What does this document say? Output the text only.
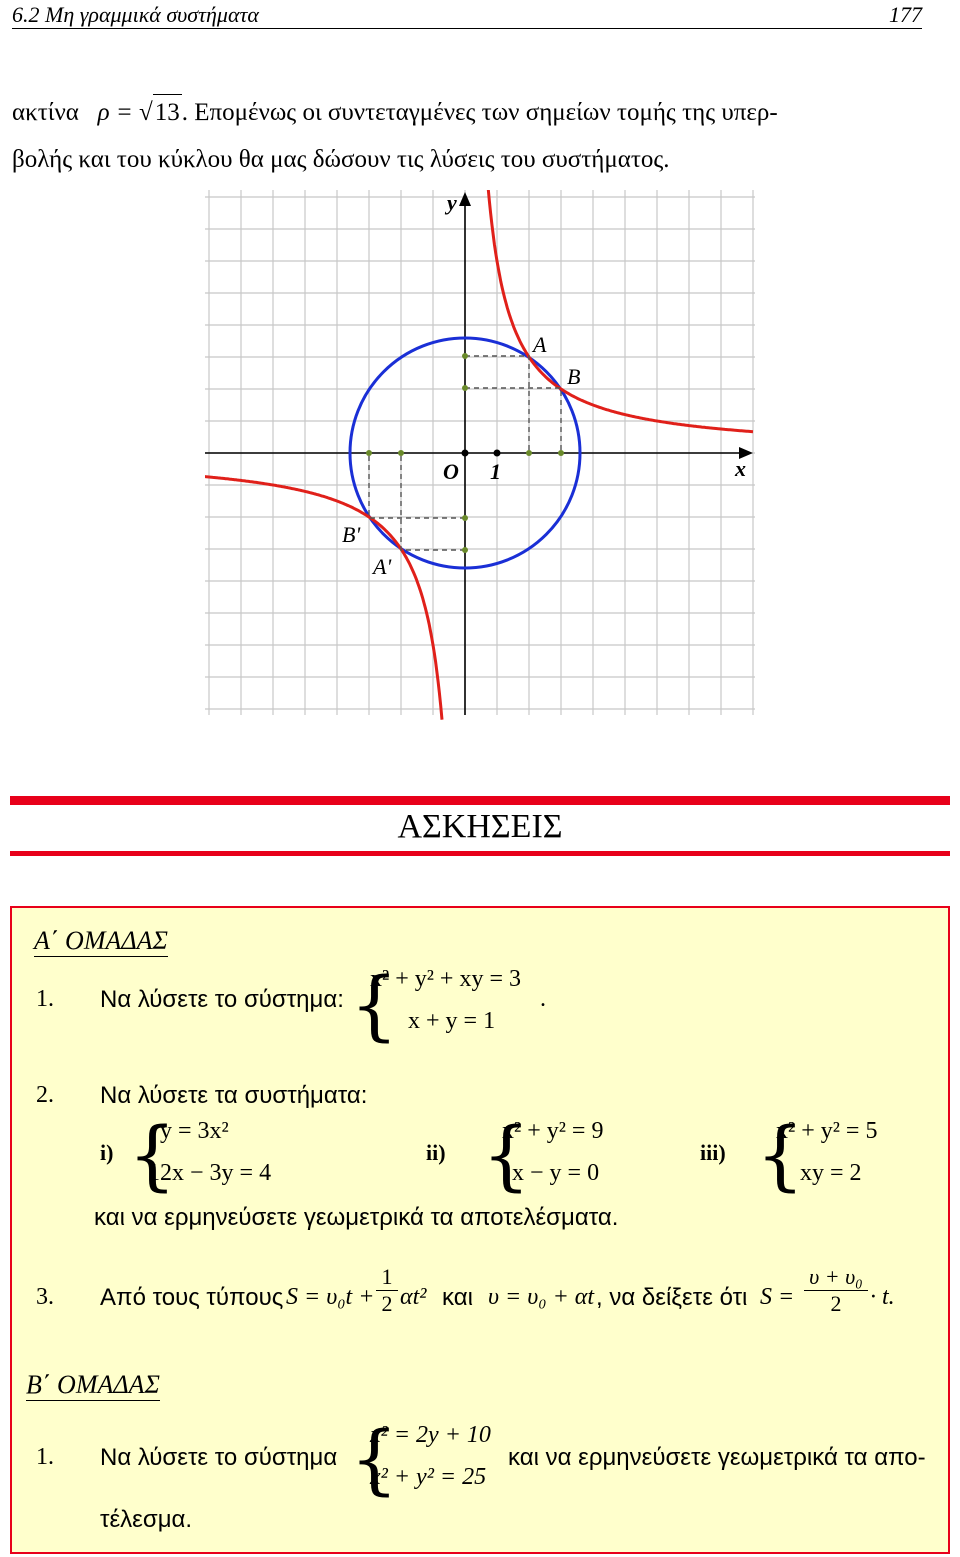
6.2 Μη γραμμικά συστήματα	177
ακτίνα ρ = √13. Επομένως οι συντεταγμένες των σημείων τομής της υπερ-
βολής και του κύκλου θα μας δώσουν τις λύσεις του συστήματος.
y
x
O 1
A
B
B'
A'
ΑΣΚΗΣΕΙΣ
Α΄ ΟΜΑΔΑΣ
1. Να λύσετε το σύστημα: {
x² + y² + xy = 3
x + y = 1
.
2. Να λύσετε τα συστήματα:
i) {
y = 3x²
12x − 3y = 4
ii) {
x² + y² = 9
x − y = 0
iii) {
x² + y² = 5
xy = 2
και να ερμηνεύσετε γεωμετρικά τα αποτελέσματα.
3. Από τους τύπους $S = \upsilon_0t + \frac{1}{2} \alpha t^2$ και υ = υ₀ + αt , να δείξετε ότι $S = \frac{\text{υ + υ₀}}{2} \cdot t$.
Β΄ ΟΜΑΔΑΣ
1. Να λύσετε το σύστημα {
x² = 2y + 10
x² + y² = 25
και να ερμηνεύσετε γεωμετρικά τα απο-
τέλεσμα.
